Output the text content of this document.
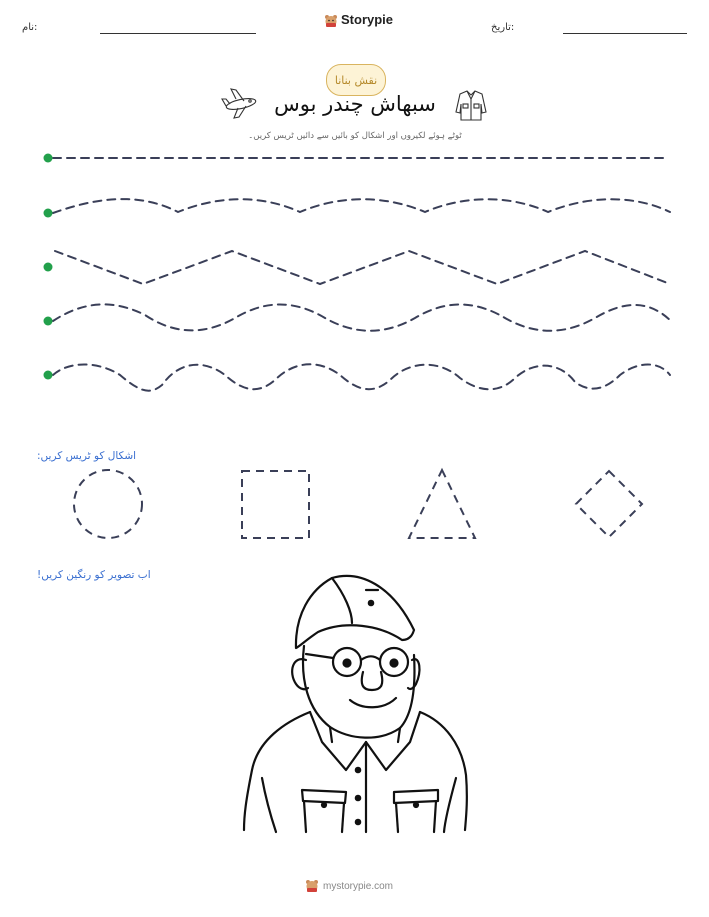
نام:	تاریخ:
Storypie
نقش بنانا
سبھاش چندر بوس
ٹوٹے ہوئے لکیروں اور اشکال کو بائیں سے دائیں ٹریس کریں۔
اشکال کو ٹریس کریں:
اب تصویر کو رنگین کریں!
mystorypie.com
